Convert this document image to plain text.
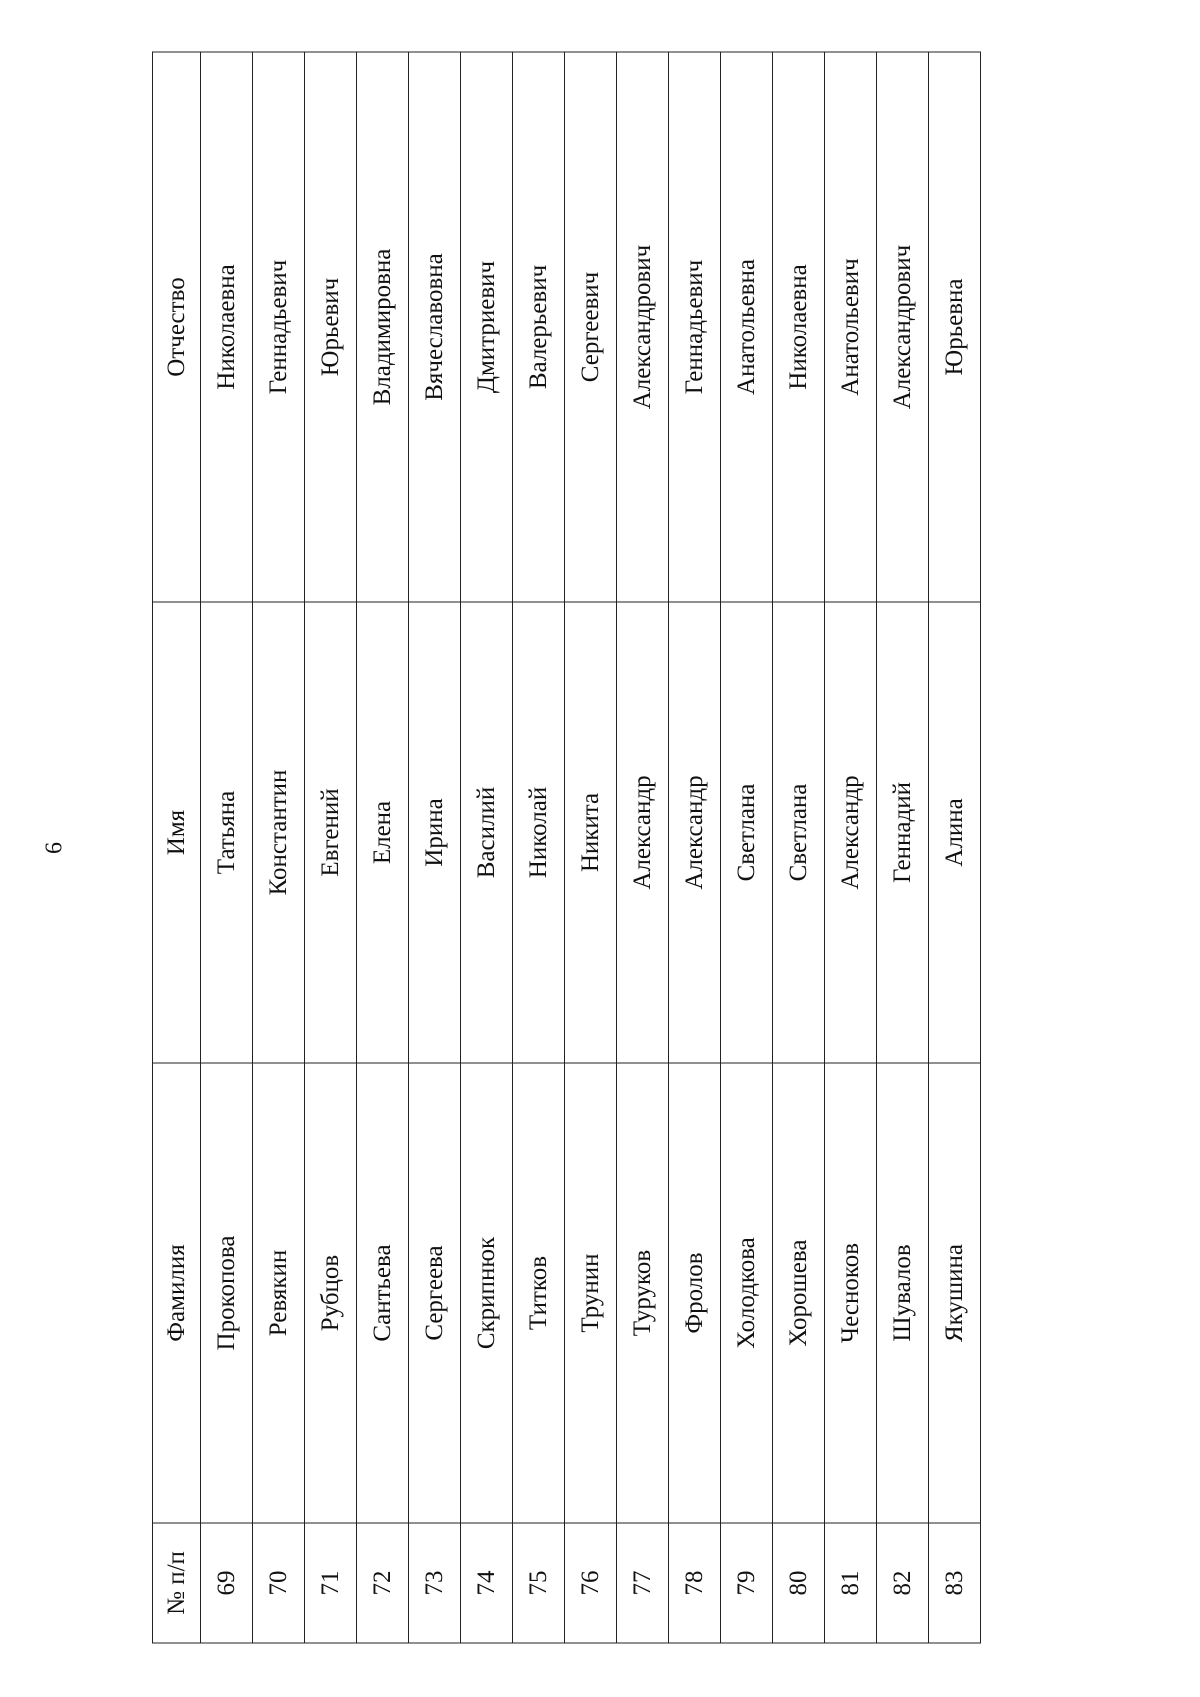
6
№ п/п	Фамилия	Имя	Отчество
69	Прокопова	Татьяна	Николаевна
70	Ревякин	Константин	Геннадьевич
71	Рубцов	Евгений	Юрьевич
72	Сантьева	Елена	Владимировна
73	Сергеева	Ирина	Вячеславовна
74	Скрипнюк	Василий	Дмитриевич
75	Титков	Николай	Валерьевич
76	Трунин	Никита	Сергеевич
77	Туруков	Александр	Александрович
78	Фролов	Александр	Геннадьевич
79	Холодкова	Светлана	Анатольевна
80	Хорошева	Светлана	Николаевна
81	Чесноков	Александр	Анатольевич
82	Шувалов	Геннадий	Александрович
83	Якушина	Алина	Юрьевна
